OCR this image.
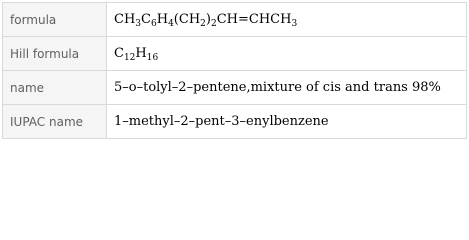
formula	$CH_3C_6H_4(CH_2)_2CH=CHCH_3$
Hill formula	$C_{12}H_{16}$
name	5–o–tolyl–2–pentene,mixture of cis and trans 98%
IUPAC name	1–methyl–2–pent–3–enylbenzene
